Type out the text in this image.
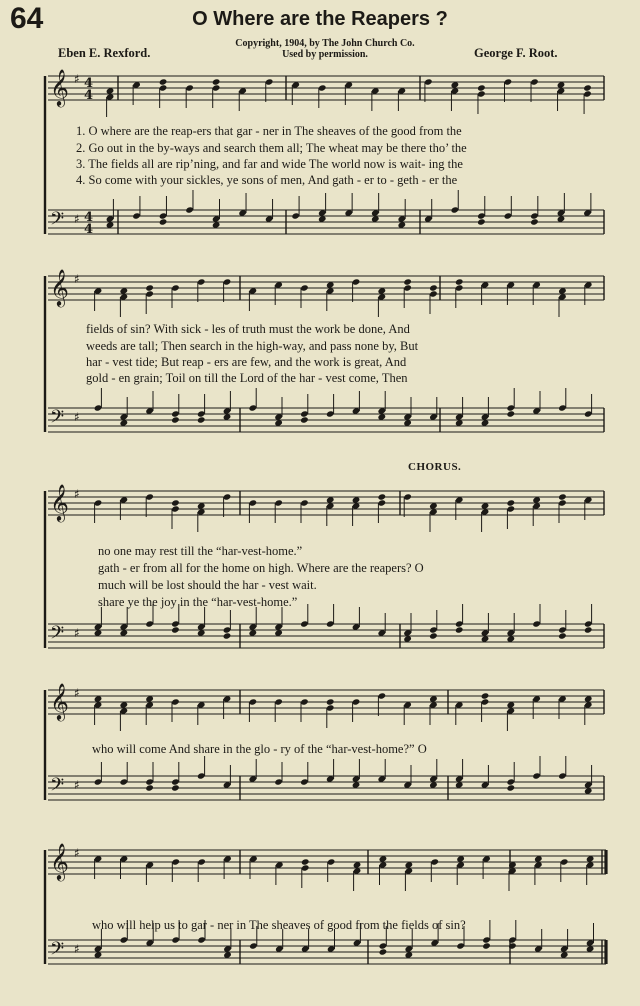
64	O Where are the Reapers ?
Copyright, 1904, by The John Church Co.
Used by permission.
Eben E. Rexford.	George F. Root.
CHORUS.
𝄞 ♯ 4
4
𝄢 ♯ 4
4
𝄞 ♯
𝄢 ♯
𝄞 ♯
𝄢 ♯
𝄞 ♯
𝄢 ♯
𝄞 ♯
𝄢 ♯
1. O where are the reap-ers that gar - ner in The sheaves of the good from the
2. Go out in the by-ways and search them all; The wheat may be there tho’ the
3. The fields all are rip’ning, and far and wide The world now is wait- ing the
4. So come with your sickles, ye sons of men, And gath - er to - geth - er the
fields of sin? With sick - les of truth must the work be done, And
weeds are tall; Then search in the high-way, and pass none by, But
har - vest tide; But reap - ers are few, and the work is great, And
gold - en grain; Toil on till the Lord of the har - vest come, Then
no one may rest till the “har-vest-home.”
gath - er from all for the home on high. Where are the reapers? O
much will be lost should the har - vest wait.
share ye the joy in the “har-vest-home.”
who will come And share in the glo - ry of the “har-vest-home?” O
who will help us to gar - ner in The sheaves of good from the fields of sin?
